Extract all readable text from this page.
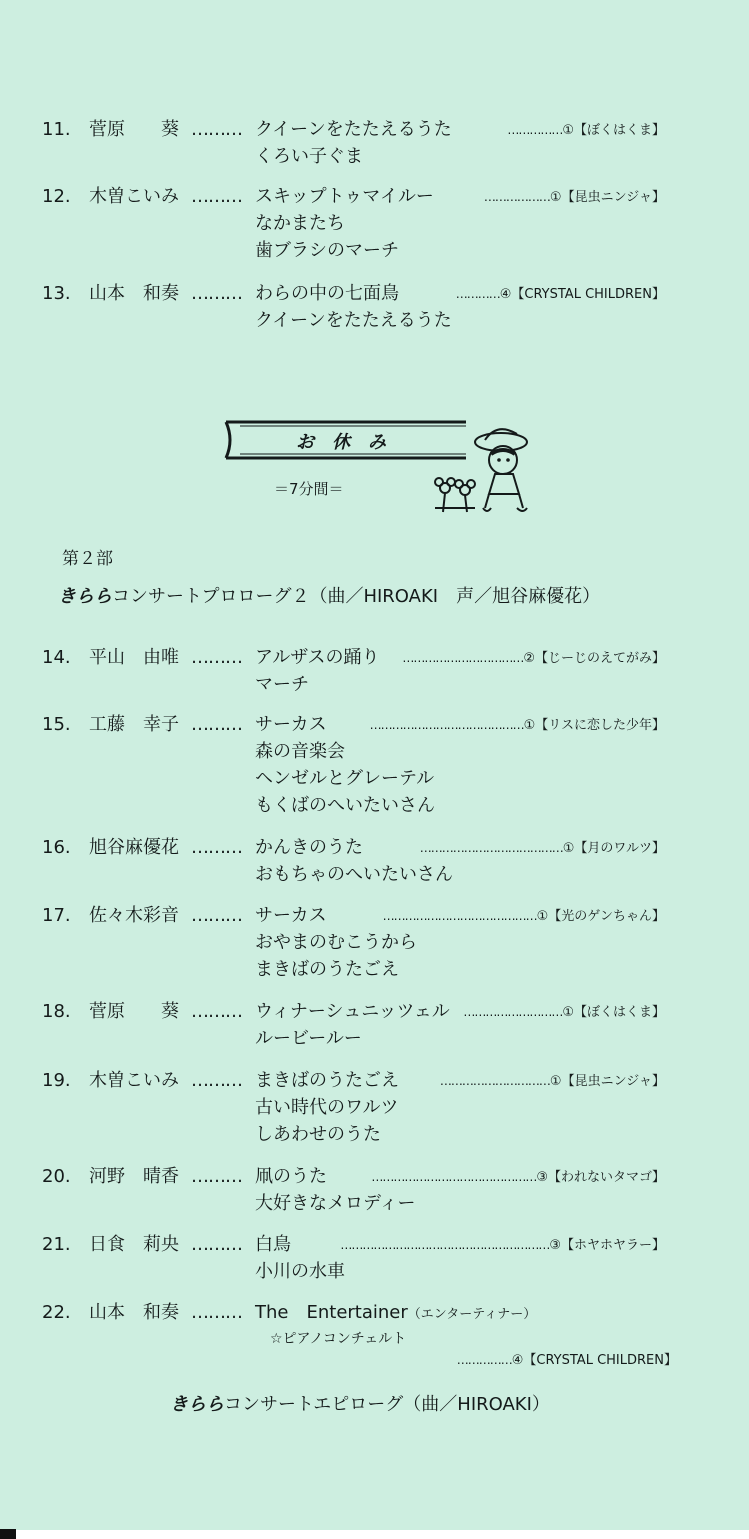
11. 菅原　　葵 ……… クイーンをたたえるうた	……………①【ぼくはくま】
くろい子ぐま
12. 木曽こいみ ……… スキップトゥマイルー	………………①【昆虫ニンジャ】
なかまたち
歯ブラシのマーチ
13. 山本　和奏 ……… わらの中の七面鳥	…………④【CRYSTAL CHILDREN】
クイーンをたたえるうた
お休み
＝7分間＝
第２部
きららコンサートプロローグ２（曲／HIROAKI　声／旭谷麻優花）
14. 平山　由唯 ……… アルザスの踊り ……………………………②【じーじのえてがみ】
マーチ
15. 工藤　幸子 ……… サーカス	……………………………………①【リスに恋した少年】
森の音楽会
ヘンゼルとグレーテル
もくばのへいたいさん
16. 旭谷麻優花 ……… かんきのうた	…………………………………①【月のワルツ】
おもちゃのへいたいさん
17. 佐々木彩音 ……… サーカス	……………………………………①【光のゲンちゃん】
おやまのむこうから
まきばのうたごえ
18. 菅原　　葵 ……… ウィナーシュニッツェル ………………………①【ぼくはくま】
ルービールー
19. 木曽こいみ ……… まきばのうたごえ	…………………………①【昆虫ニンジャ】
古い時代のワルツ
しあわせのうた
20. 河野　晴香 ……… 凧のうた	………………………………………③【われないタマゴ】
大好きなメロディー
21. 日食　莉央 ……… 白鳥	…………………………………………………③【ホヤホヤラー】
小川の水車
22. 山本　和奏 ……… The　Entertainer（エンターティナー）
☆ピアノコンチェルト
……………④【CRYSTAL CHILDREN】
きららコンサートエピローグ（曲／HIROAKI）
